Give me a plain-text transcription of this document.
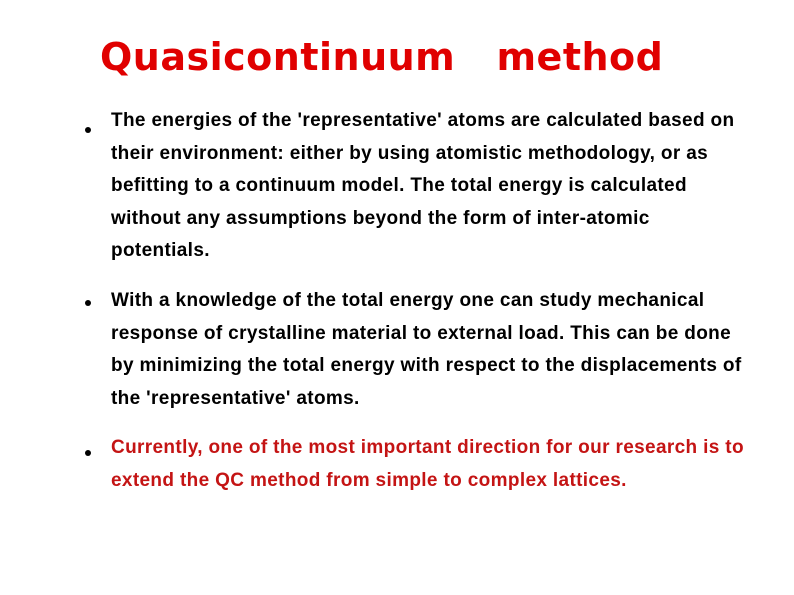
Quasicontinuum   method

The energies of the 'representative' atoms are calculated based on their environment: either by using atomistic methodology, or as befitting to a continuum model. The total energy is calculated without any assumptions beyond the form of inter-atomic potentials.

With a knowledge of the total energy one can study mechanical response of crystalline material to external load. This can be done by minimizing the total energy with respect to the displacements of the 'representative' atoms.

Currently, one of the most important direction for our research is to extend the QC method from simple to complex lattices.
